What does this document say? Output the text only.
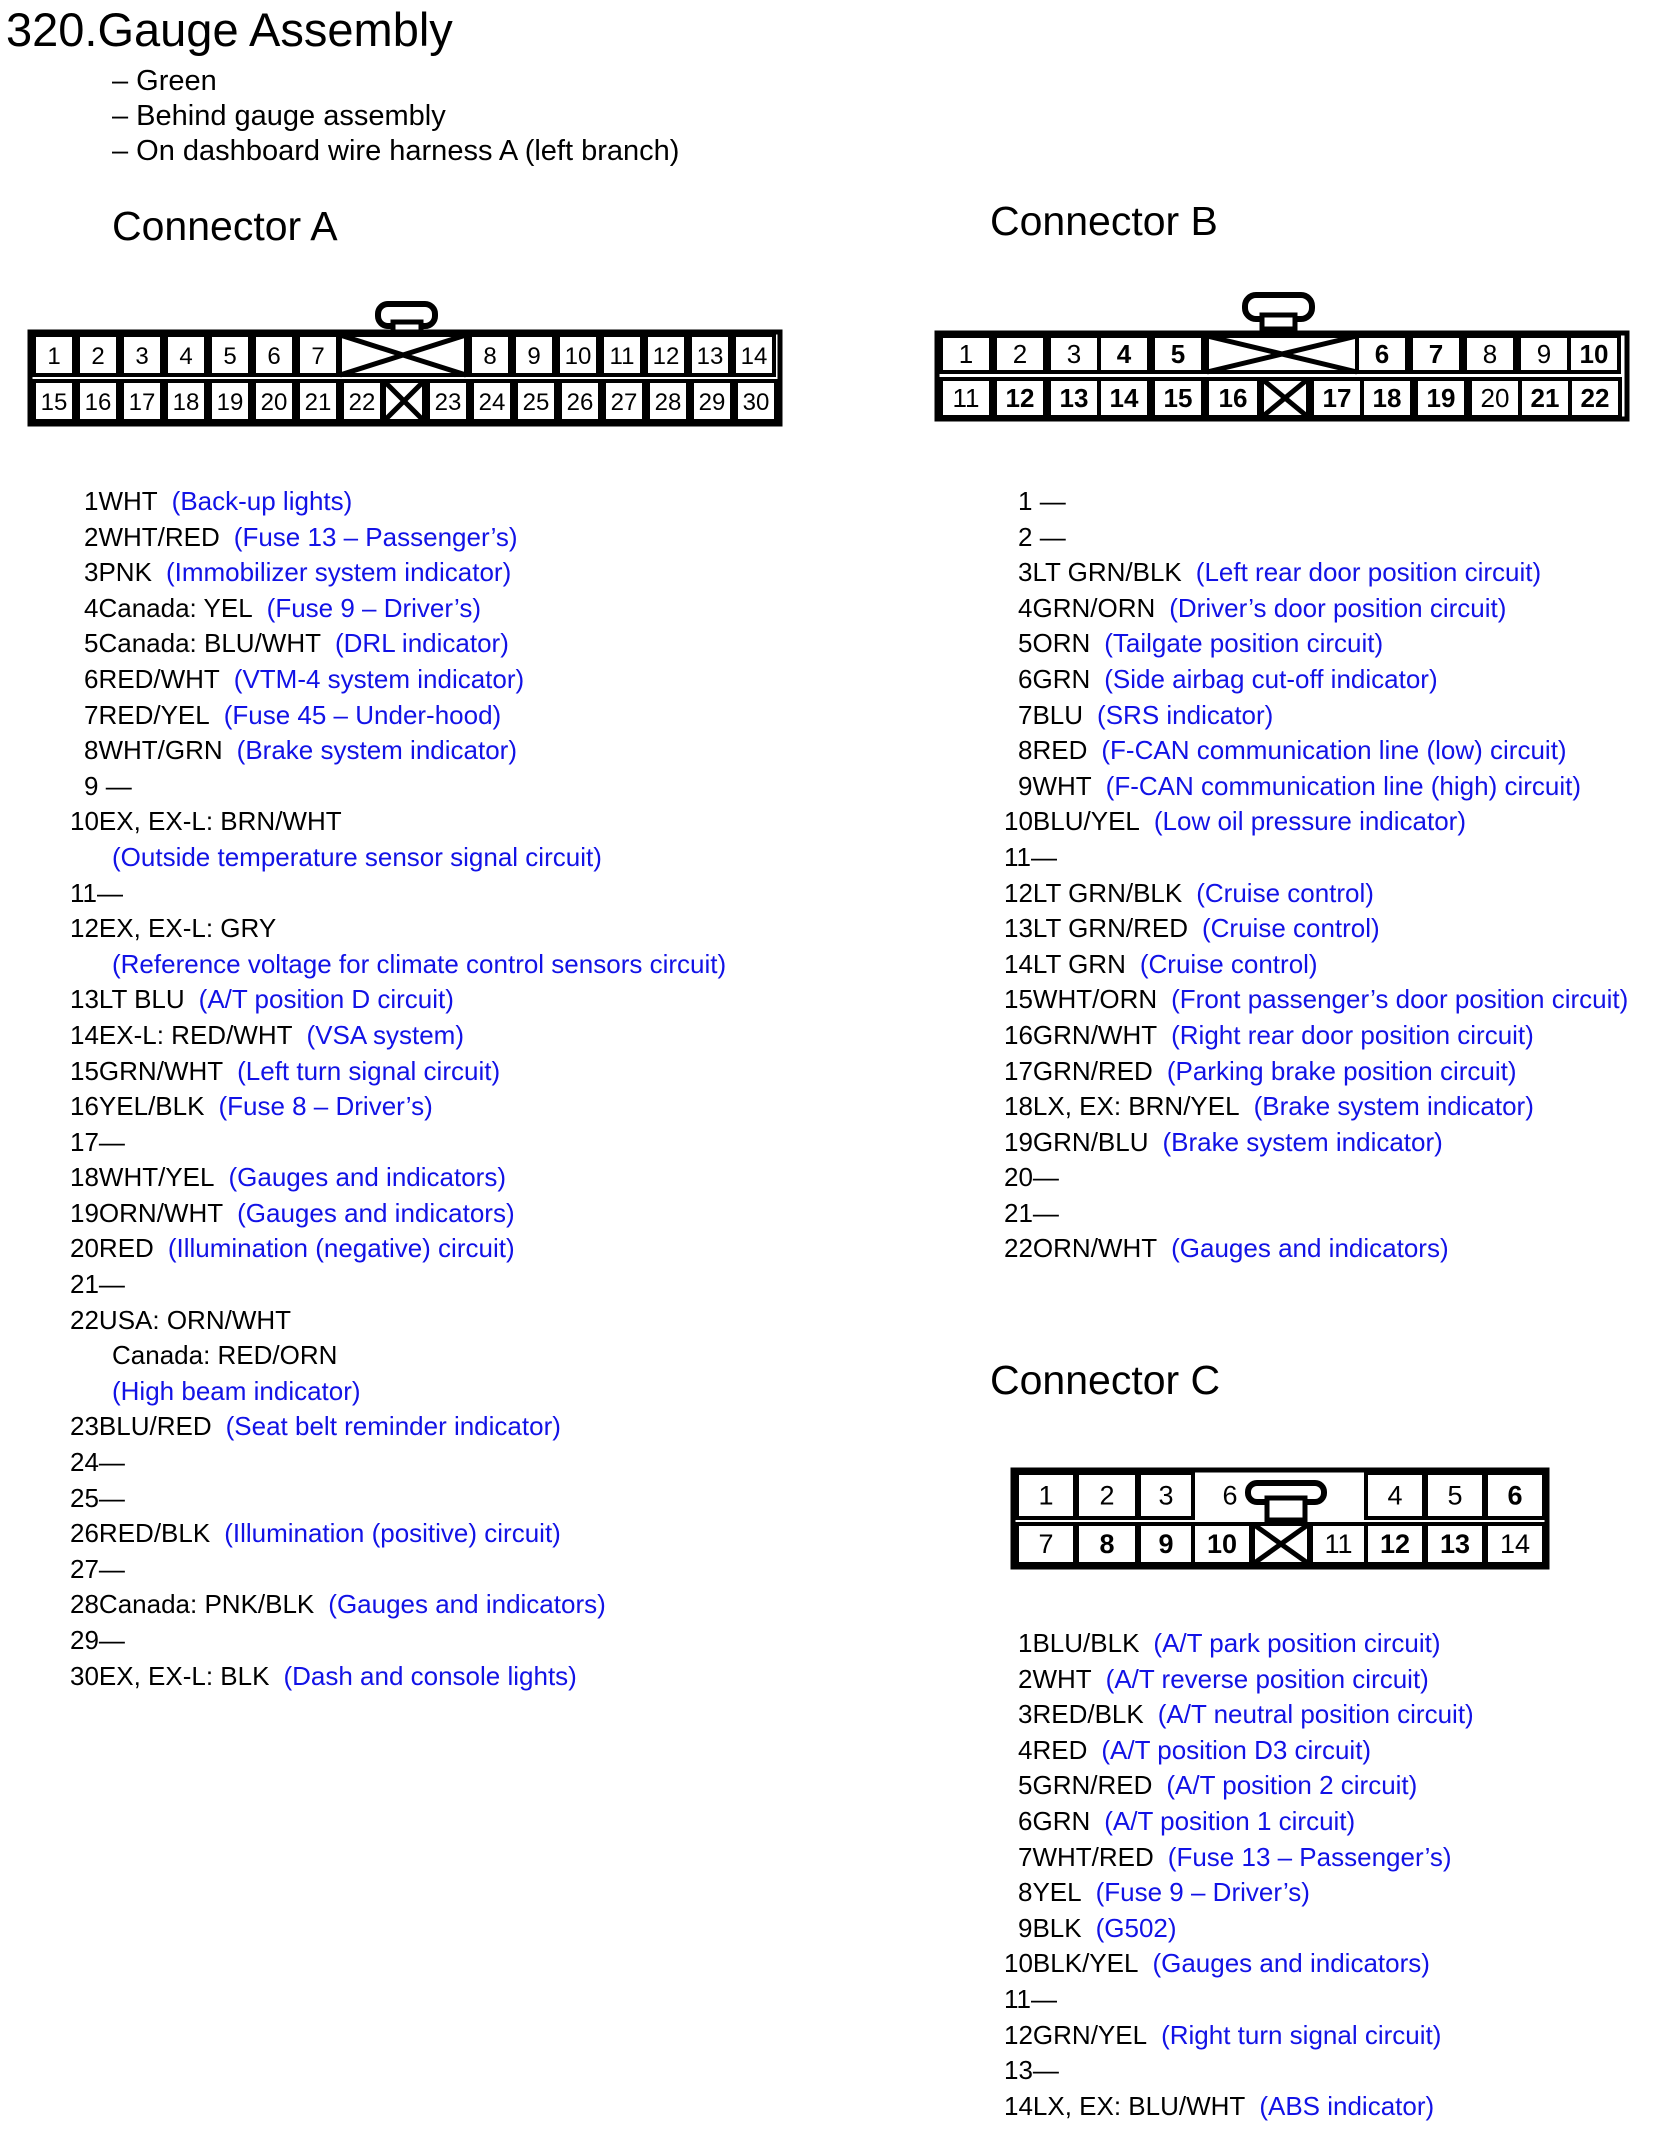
320.Gauge Assembly
– Green
– Behind gauge assembly
– On dashboard wire harness A (left branch)
Connector A
1 2 3 4 5 6 7	8 9 10 11 12 13 14
15 16 17 18 19 20 21 22 23 24 25 26 27 28 29 30
1WHT (Back-up lights)
2WHT/RED (Fuse 13 – Passenger’s)
3PNK (Immobilizer system indicator)
4Canada: YEL (Fuse 9 – Driver’s)
5Canada: BLU/WHT (DRL indicator)
6RED/WHT (VTM-4 system indicator)
7RED/YEL (Fuse 45 – Under-hood)
8WHT/GRN (Brake system indicator)
9 —
10EX, EX-L: BRN/WHT
(Outside temperature sensor signal circuit)
11—
12EX, EX-L: GRY
(Reference voltage for climate control sensors circuit)
13LT BLU (A/T position D circuit)
14EX-L: RED/WHT (VSA system)
15GRN/WHT (Left turn signal circuit)
16YEL/BLK (Fuse 8 – Driver’s)
17—
18WHT/YEL (Gauges and indicators)
19ORN/WHT (Gauges and indicators)
20RED (Illumination (negative) circuit)
21—
22USA: ORN/WHT
Canada: RED/ORN
(High beam indicator)
23BLU/RED (Seat belt reminder indicator)
24—
25—
26RED/BLK (Illumination (positive) circuit)
27—
28Canada: PNK/BLK (Gauges and indicators)
29—
30EX, EX-L: BLK (Dash and console lights)
Connector B
1 2 3 4 5	6 7 8 9 10
11 12 13 14 15 16	17 18 19 20 21 22
1 —
2 —
3LT GRN/BLK (Left rear door position circuit)
4GRN/ORN (Driver’s door position circuit)
5ORN (Tailgate position circuit)
6GRN (Side airbag cut-off indicator)
7BLU (SRS indicator)
8RED (F-CAN communication line (low) circuit)
9WHT (F-CAN communication line (high) circuit)
10BLU/YEL (Low oil pressure indicator)
11—
12LT GRN/BLK (Cruise control)
13LT GRN/RED (Cruise control)
14LT GRN (Cruise control)
15WHT/ORN (Front passenger’s door position circuit)
16GRN/WHT (Right rear door position circuit)
17GRN/RED (Parking brake position circuit)
18LX, EX: BRN/YEL (Brake system indicator)
19GRN/BLU (Brake system indicator)
20—
21—
22ORN/WHT (Gauges and indicators)
Connector C
1 2 3 6	4 5 6
7 8 9 10	11 12 13 14
1BLU/BLK (A/T park position circuit)
2WHT (A/T reverse position circuit)
3RED/BLK (A/T neutral position circuit)
4RED (A/T position D3 circuit)
5GRN/RED (A/T position 2 circuit)
6GRN (A/T position 1 circuit)
7WHT/RED (Fuse 13 – Passenger’s)
8YEL (Fuse 9 – Driver’s)
9BLK (G502)
10BLK/YEL (Gauges and indicators)
11—
12GRN/YEL (Right turn signal circuit)
13—
14LX, EX: BLU/WHT (ABS indicator)
